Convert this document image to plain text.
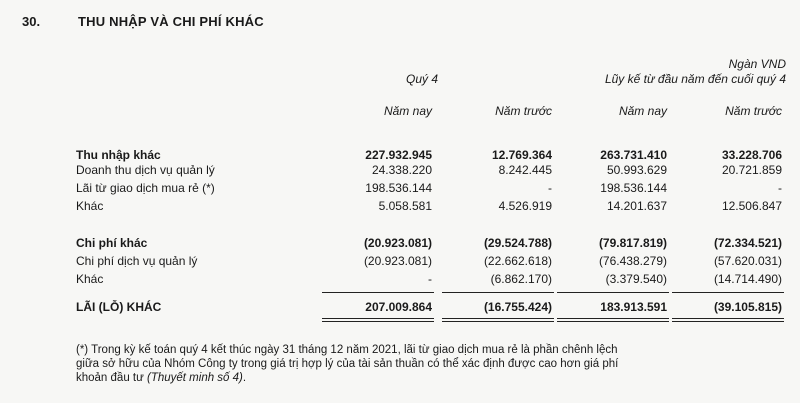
30.	THU NHẬP VÀ CHI PHÍ KHÁC
Ngàn VND
Quý 4	Lũy kế từ đầu năm đến cuối quý 4
Năm nay	Năm trước	Năm nay	Năm trước
Thu nhập khác	227.932.945	12.769.364	263.731.410	33.228.706
Doanh thu dịch vụ quản lý	24.338.220	8.242.445	50.993.629	20.721.859
Lãi từ giao dịch mua rẻ (*)	198.536.144	-	198.536.144	-
Khác	5.058.581	4.526.919	14.201.637	12.506.847
Chi phí khác	(20.923.081)	(29.524.788)	(79.817.819)	(72.334.521)
Chi phí dịch vụ quản lý	(20.923.081)	(22.662.618)	(76.438.279)	(57.620.031)
Khác	-	(6.862.170)	(3.379.540)	(14.714.490)
LÃI (LỖ) KHÁC	207.009.864	(16.755.424)	183.913.591	(39.105.815)
(*) Trong kỳ kế toán quý 4 kết thúc ngày 31 tháng 12 năm 2021, lãi từ giao dịch mua rẻ là phần chênh lệch giữa sở hữu của Nhóm Công ty trong giá trị hợp lý của tài sản thuần có thể xác định được cao hơn giá phí khoản đầu tư (Thuyết minh số 4).
